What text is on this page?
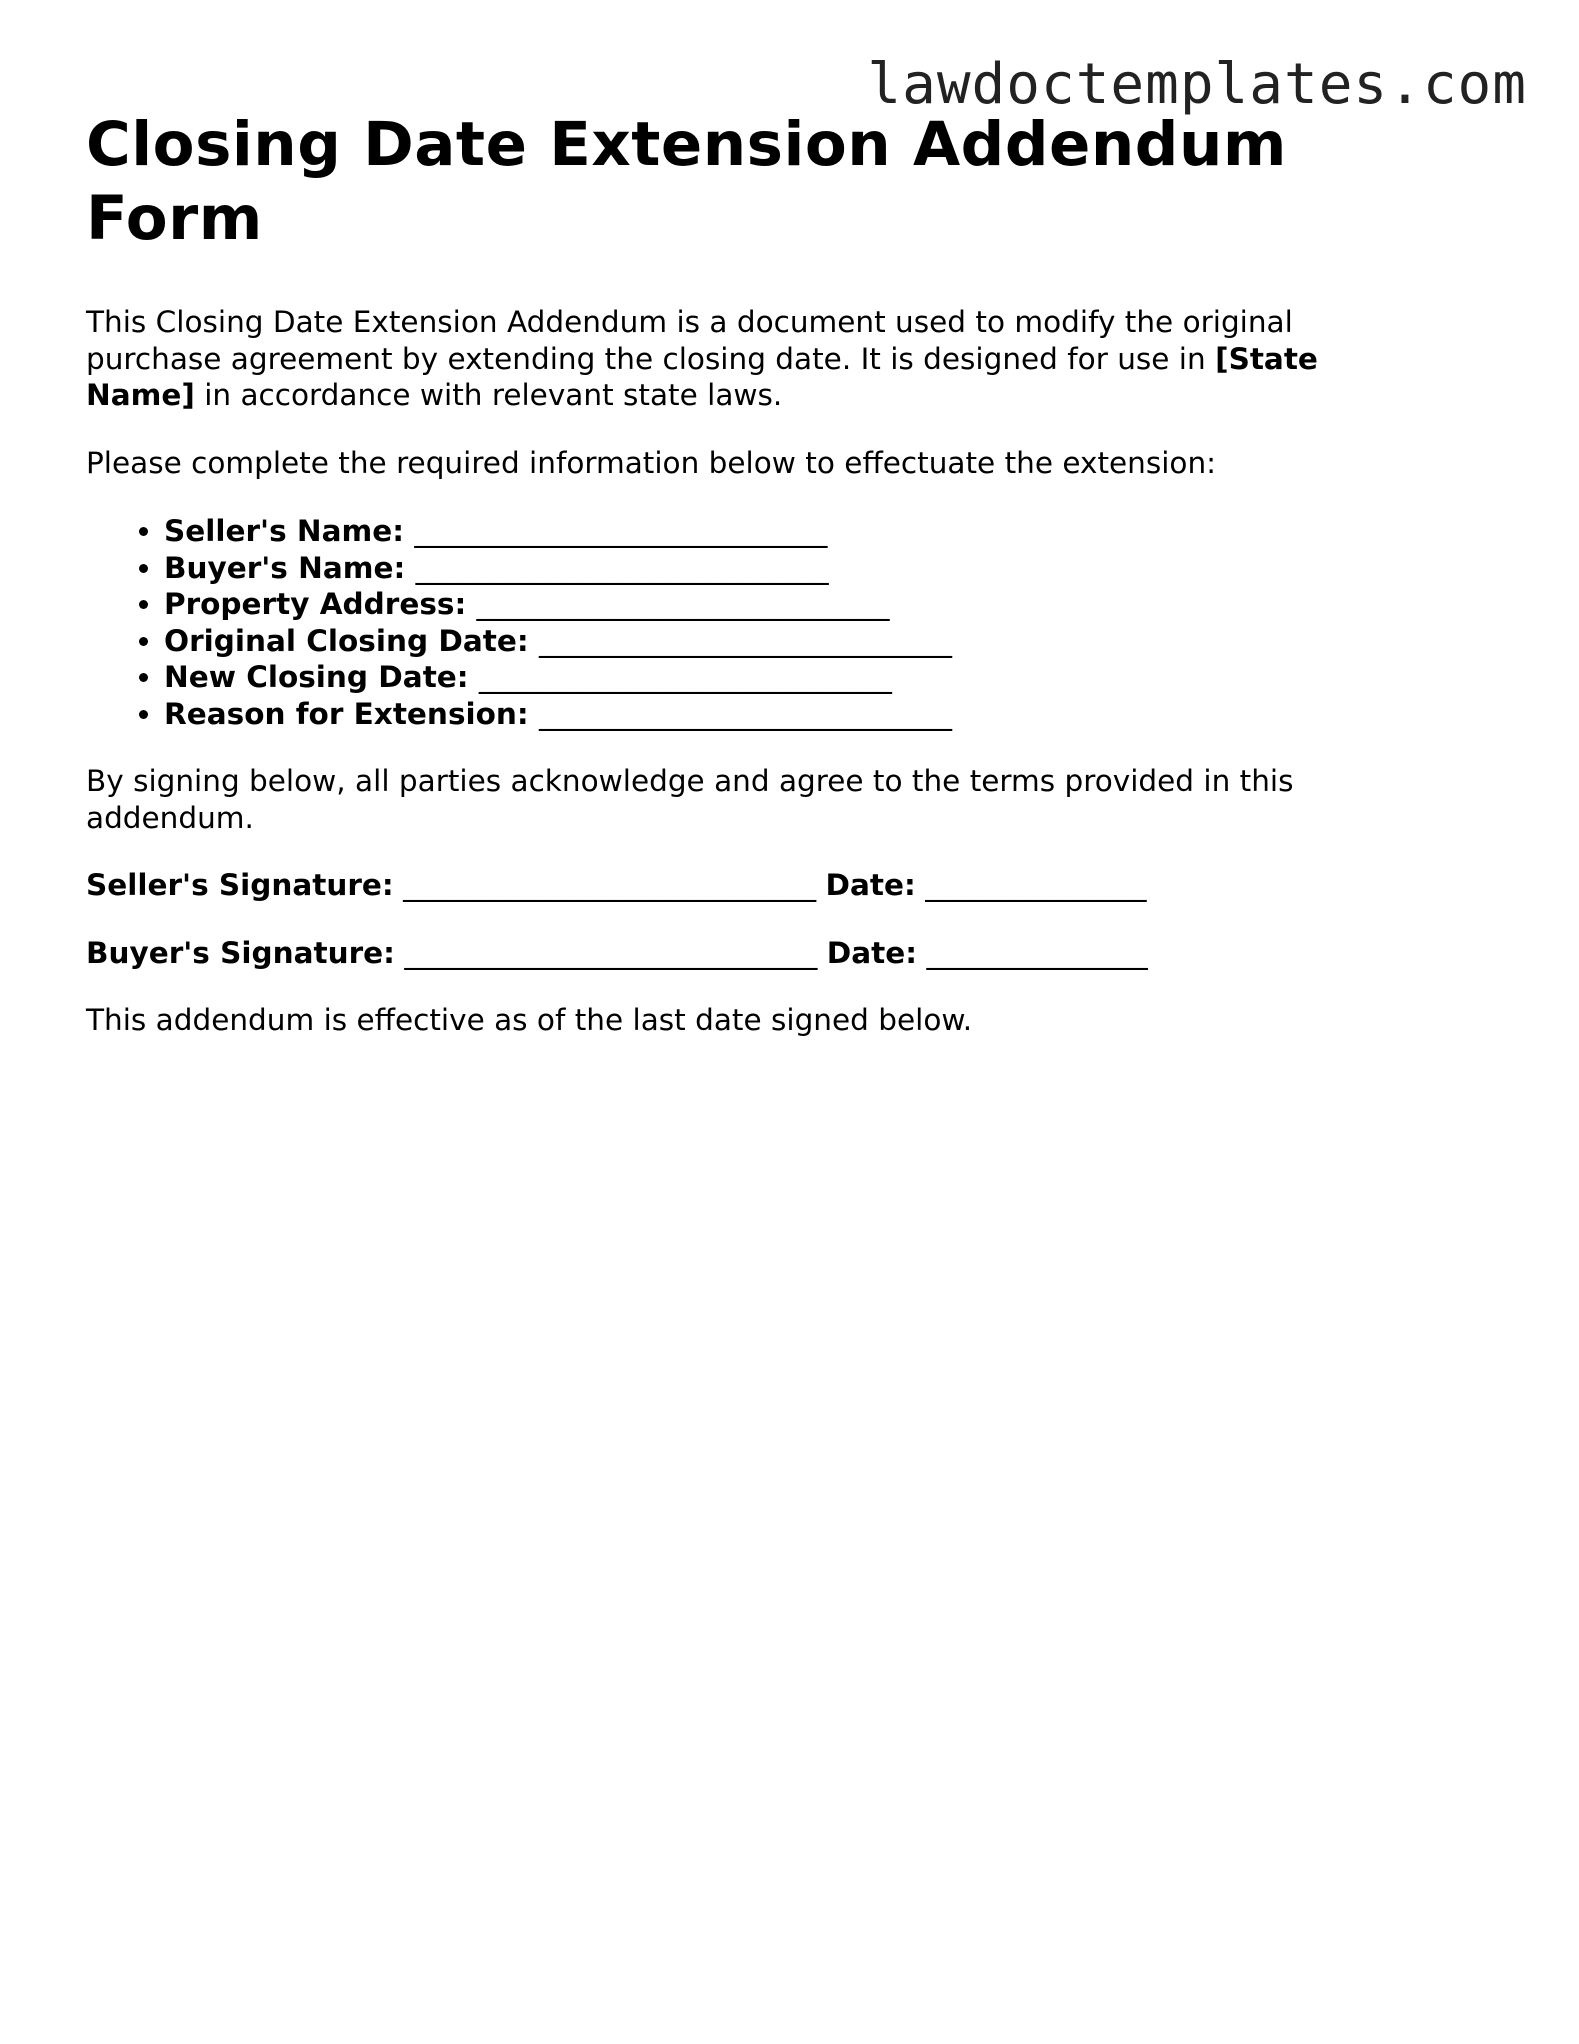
lawdoctemplates.com
Closing Date Extension Addendum Form

This Closing Date Extension Addendum is a document used to modify the original purchase agreement by extending the closing date. It is designed for use in [State Name] in accordance with relevant state laws.

Please complete the required information below to effectuate the extension:

• Seller's Name: ____________________________
• Buyer's Name: ____________________________
• Property Address: ____________________________
• Original Closing Date: ____________________________
• New Closing Date: ____________________________
• Reason for Extension: ____________________________

By signing below, all parties acknowledge and agree to the terms provided in this addendum.

Seller's Signature: ____________________________ Date: _______________
Buyer's Signature: ____________________________ Date: _______________

This addendum is effective as of the last date signed below.
